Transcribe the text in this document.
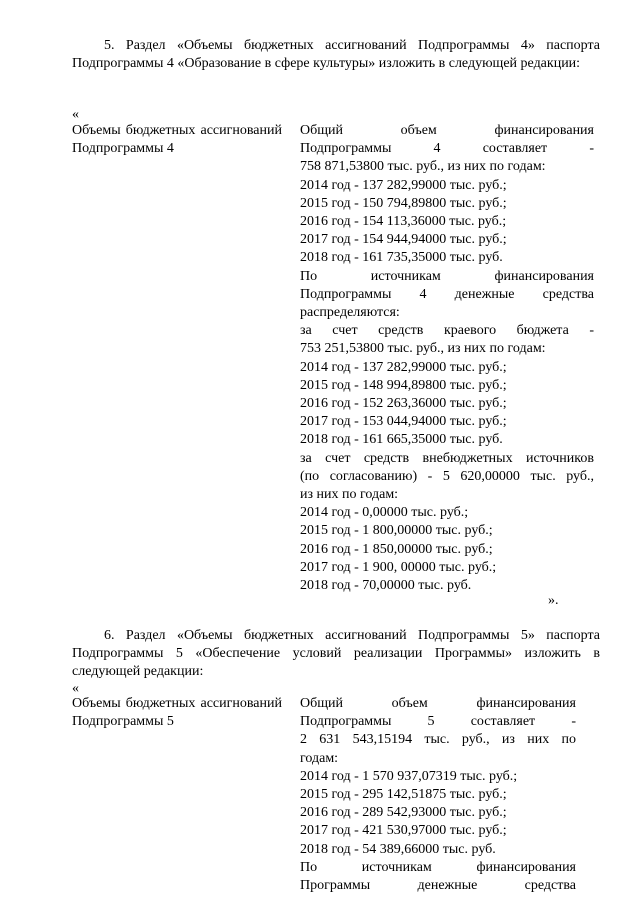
5. Раздел «Объемы бюджетных ассигнований Подпрограммы 4» паспорта Подпрограммы 4 «Образование в сфере культуры» изложить в следующей редакции:
«
Объемы бюджетных ассигнований Подпрограммы 4
Общий объем финансирования
Подпрограммы 4 составляет -
758 871,53800 тыс. руб., из них по годам:
2014 год - 137 282,99000 тыс. руб.;
2015 год - 150 794,89800 тыс. руб.;
2016 год - 154 113,36000 тыс. руб.;
2017 год - 154 944,94000 тыс. руб.;
2018 год - 161 735,35000 тыс. руб.
По источникам финансирования
Подпрограммы 4 денежные средства
распределяются:
за счет средств краевого бюджета -
753 251,53800 тыс. руб., из них по годам:
2014 год - 137 282,99000 тыс. руб.;
2015 год - 148 994,89800 тыс. руб.;
2016 год - 152 263,36000 тыс. руб.;
2017 год - 153 044,94000 тыс. руб.;
2018 год - 161 665,35000 тыс. руб.
за счет средств внебюджетных источников
(по согласованию) - 5 620,00000 тыс. руб.,
из них по годам:
2014 год - 0,00000 тыс. руб.;
2015 год - 1 800,00000 тыс. руб.;
2016 год - 1 850,00000 тыс. руб.;
2017 год - 1 900, 00000 тыс. руб.;
2018 год - 70,00000 тыс. руб.
».
6. Раздел «Объемы бюджетных ассигнований Подпрограммы 5» паспорта Подпрограммы 5 «Обеспечение условий реализации Программы» изложить в следующей редакции:
«
Объемы бюджетных ассигнований Подпрограммы 5
Общий объем финансирования
Подпрограммы 5 составляет -
2 631 543,15194 тыс. руб., из них по
годам:
2014 год - 1 570 937,07319 тыс. руб.;
2015 год - 295 142,51875 тыс. руб.;
2016 год - 289 542,93000 тыс. руб.;
2017 год - 421 530,97000 тыс. руб.;
2018 год - 54 389,66000 тыс. руб.
По источникам финансирования
Программы денежные средства
